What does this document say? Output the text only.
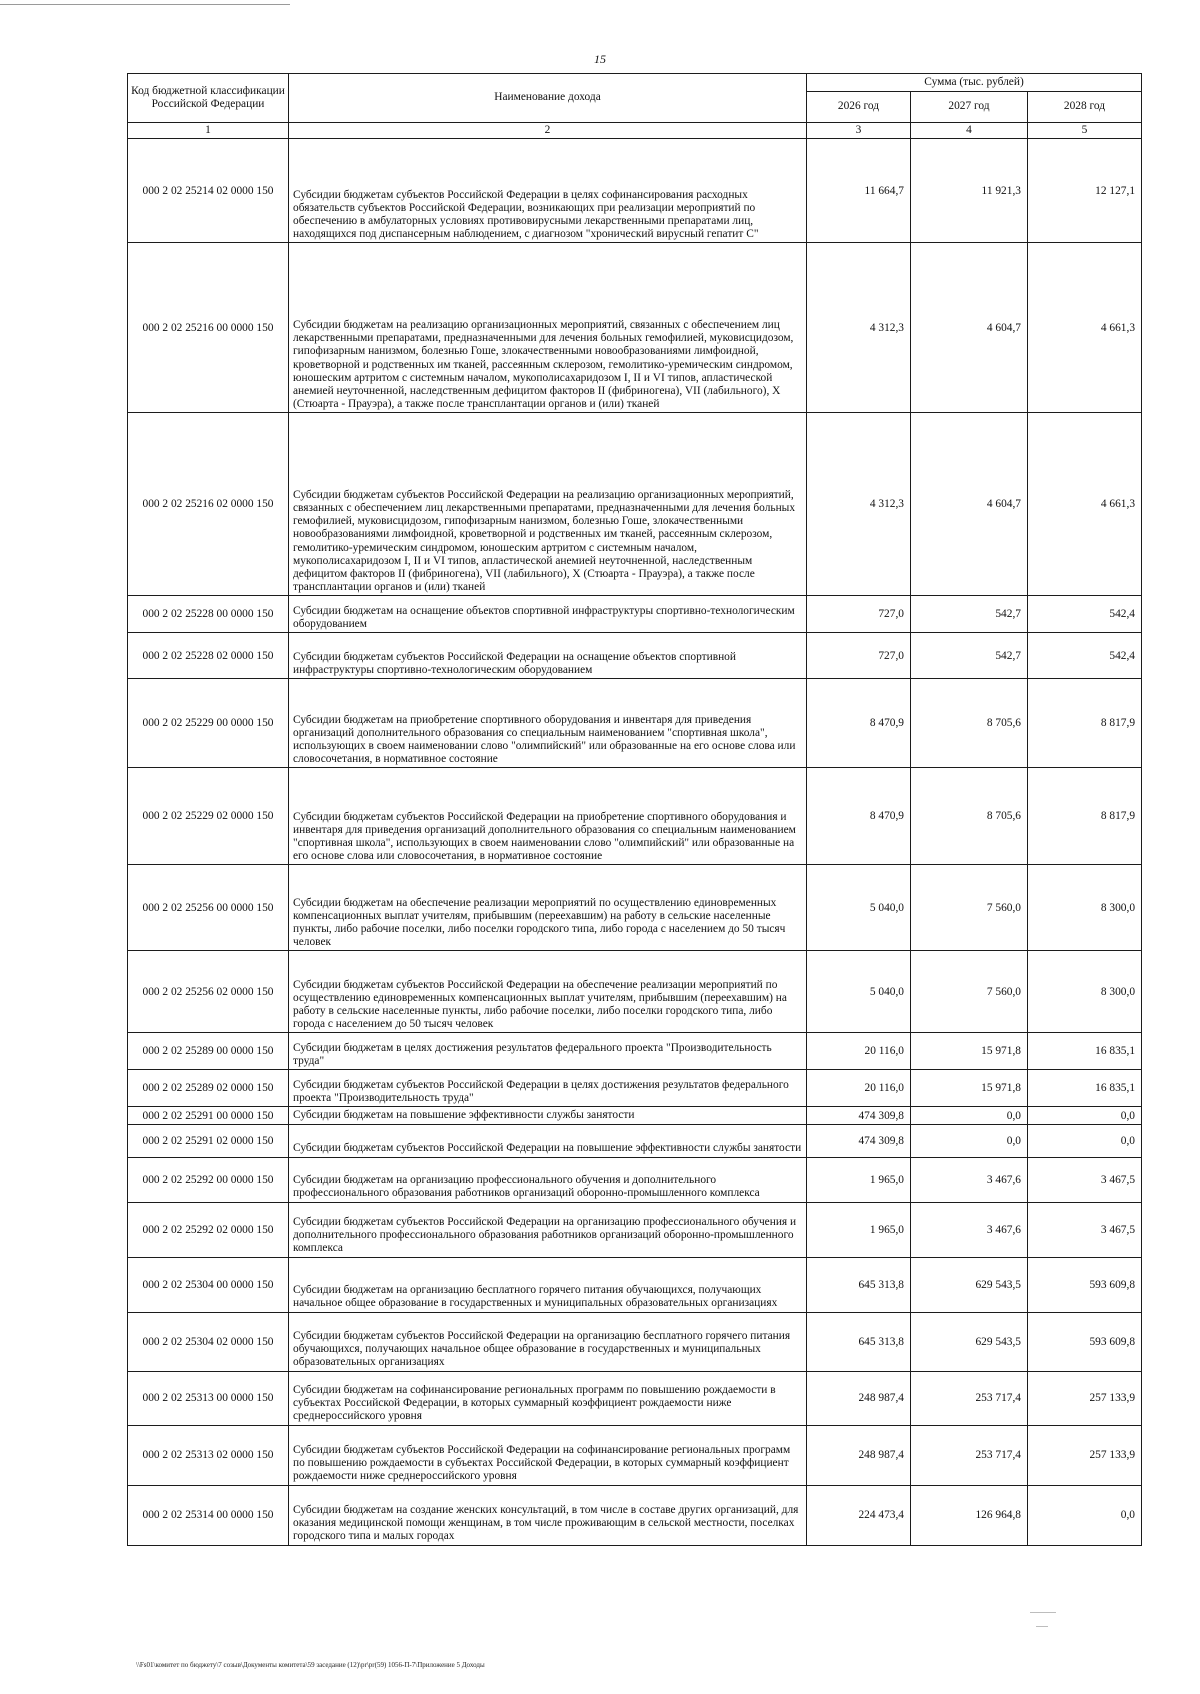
15
Код бюджетной классификации Российской Федерации	Наименование дохода	Сумма (тыс. рублей)		
		2026 год	2027 год	2028 год
1	2	3	4	5
000 2 02 25214 02 0000 150	Субсидии бюджетам субъектов Российской Федерации в целях софинансирования расходных обязательств субъектов Российской Федерации, возникающих при реализации мероприятий по обеспечению в амбулаторных условиях противовирусными лекарственными препаратами лиц, находящихся под диспансерным наблюдением, с диагнозом "хронический вирусный гепатит С"	11 664,7	11 921,3	12 127,1
000 2 02 25216 00 0000 150	Субсидии бюджетам на реализацию организационных мероприятий, связанных с обеспечением лиц лекарственными препаратами, предназначенными для лечения больных гемофилией, муковисцидозом, гипофизарным нанизмом, болезнью Гоше, злокачественными новообразованиями лимфоидной, кроветворной и родственных им тканей, рассеянным склерозом, гемолитико-уремическим синдромом, юношеским артритом с системным началом, мукополисахаридозом I, II и VI типов, апластической анемией неуточненной, наследственным дефицитом факторов II (фибриногена), VII (лабильного), X (Стюарта - Прауэра), а также после трансплантации органов и (или) тканей	4 312,3	4 604,7	4 661,3
000 2 02 25216 02 0000 150	Субсидии бюджетам субъектов Российской Федерации на реализацию организационных мероприятий, связанных с обеспечением лиц лекарственными препаратами, предназначенными для лечения больных гемофилией, муковисцидозом, гипофизарным нанизмом, болезнью Гоше, злокачественными новообразованиями лимфоидной, кроветворной и родственных им тканей, рассеянным склерозом, гемолитико-уремическим синдромом, юношеским артритом с системным началом, мукополисахаридозом I, II и VI типов, апластической анемией неуточненной, наследственным дефицитом факторов II (фибриногена), VII (лабильного), X (Стюарта - Прауэра), а также после трансплантации органов и (или) тканей	4 312,3	4 604,7	4 661,3
000 2 02 25228 00 0000 150	Субсидии бюджетам на оснащение объектов спортивной инфраструктуры спортивно-технологическим оборудованием	727,0	542,7	542,4
000 2 02 25228 02 0000 150	Субсидии бюджетам субъектов Российской Федерации на оснащение объектов спортивной инфраструктуры спортивно-технологическим оборудованием	727,0	542,7	542,4
000 2 02 25229 00 0000 150	Субсидии бюджетам на приобретение спортивного оборудования и инвентаря для приведения организаций дополнительного образования со специальным наименованием "спортивная школа", использующих в своем наименовании слово "олимпийский" или образованные на его основе слова или словосочетания, в нормативное состояние	8 470,9	8 705,6	8 817,9
000 2 02 25229 02 0000 150	Субсидии бюджетам субъектов Российской Федерации на приобретение спортивного оборудования и инвентаря для приведения организаций дополнительного образования со специальным наименованием "спортивная школа", использующих в своем наименовании слово "олимпийский" или образованные на его основе слова или словосочетания, в нормативное состояние	8 470,9	8 705,6	8 817,9
000 2 02 25256 00 0000 150	Субсидии бюджетам на обеспечение реализации мероприятий по осуществлению единовременных компенсационных выплат учителям, прибывшим (переехавшим) на работу в сельские населенные пункты, либо рабочие поселки, либо поселки городского типа, либо города с населением до 50 тысяч человек	5 040,0	7 560,0	8 300,0
000 2 02 25256 02 0000 150	Субсидии бюджетам субъектов Российской Федерации на обеспечение реализации мероприятий по осуществлению единовременных компенсационных выплат учителям, прибывшим (переехавшим) на работу в сельские населенные пункты, либо рабочие поселки, либо поселки городского типа, либо города с населением до 50 тысяч человек	5 040,0	7 560,0	8 300,0
000 2 02 25289 00 0000 150	Субсидии бюджетам в целях достижения результатов федерального проекта "Производительность труда"	20 116,0	15 971,8	16 835,1
000 2 02 25289 02 0000 150	Субсидии бюджетам субъектов Российской Федерации в целях достижения результатов федерального проекта "Производительность труда"	20 116,0	15 971,8	16 835,1
000 2 02 25291 00 0000 150	Субсидии бюджетам на повышение эффективности службы занятости	474 309,8	0,0	0,0
000 2 02 25291 02 0000 150	Субсидии бюджетам субъектов Российской Федерации на повышение эффективности службы занятости	474 309,8	0,0	0,0
000 2 02 25292 00 0000 150	Субсидии бюджетам на организацию профессионального обучения и дополнительного профессионального образования работников организаций оборонно-промышленного комплекса	1 965,0	3 467,6	3 467,5
000 2 02 25292 02 0000 150	Субсидии бюджетам субъектов Российской Федерации на организацию профессионального обучения и дополнительного профессионального образования работников организаций оборонно-промышленного комплекса	1 965,0	3 467,6	3 467,5
000 2 02 25304 00 0000 150	Субсидии бюджетам на организацию бесплатного горячего питания обучающихся, получающих начальное общее образование в государственных и муниципальных образовательных организациях	645 313,8	629 543,5	593 609,8
000 2 02 25304 02 0000 150	Субсидии бюджетам субъектов Российской Федерации на организацию бесплатного горячего питания обучающихся, получающих начальное общее образование в государственных и муниципальных образовательных организациях	645 313,8	629 543,5	593 609,8
000 2 02 25313 00 0000 150	Субсидии бюджетам на софинансирование региональных программ по повышению рождаемости в субъектах Российской Федерации, в которых суммарный коэффициент рождаемости ниже среднероссийского уровня	248 987,4	253 717,4	257 133,9
000 2 02 25313 02 0000 150	Субсидии бюджетам субъектов Российской Федерации на софинансирование региональных программ по повышению рождаемости в субъектах Российской Федерации, в которых суммарный коэффициент рождаемости ниже среднероссийского уровня	248 987,4	253 717,4	257 133,9
000 2 02 25314 00 0000 150	Субсидии бюджетам на создание женских консультаций, в том числе в составе других организаций, для оказания медицинской помощи женщинам, в том числе проживающим в сельской местности, поселках городского типа и малых городах	224 473,4	126 964,8	0,0
\\Fs01\комитет по бюджету\7 созыв\Документы комитета\59 заседание (12)\pr\pr(59) 1056-П-7\Приложение 5 Доходы
